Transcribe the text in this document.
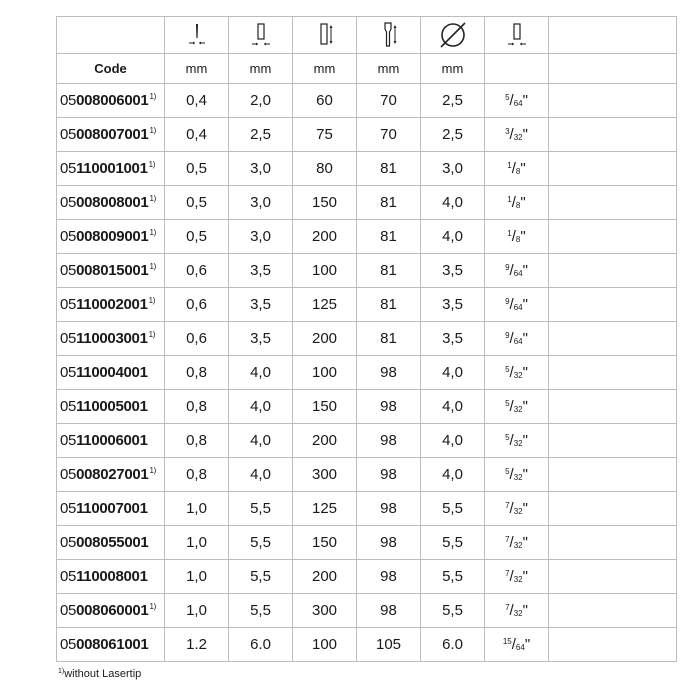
Code	mm	mm	mm	mm	mm		
05008006001$^{1)}$	0,4	2,0	60	70	2,5	$^5/_{64}$"	
05008007001$^{1)}$	0,4	2,5	75	70	2,5	$^3/_{32}$"	
05110001001$^{1)}$	0,5	3,0	80	81	3,0	$^1/_8$"	
05008008001$^{1)}$	0,5	3,0	150	81	4,0	$^1/_8$"	
05008009001$^{1)}$	0,5	3,0	200	81	4,0	$^1/_8$"	
05008015001$^{1)}$	0,6	3,5	100	81	3,5	$^9/_{64}$"	
05110002001$^{1)}$	0,6	3,5	125	81	3,5	$^9/_{64}$"	
05110003001$^{1)}$	0,6	3,5	200	81	3,5	$^9/_{64}$"	
05110004001	0,8	4,0	100	98	4,0	$^5/_{32}$"	
05110005001	0,8	4,0	150	98	4,0	$^5/_{32}$"	
05110006001	0,8	4,0	200	98	4,0	$^5/_{32}$"	
05008027001$^{1)}$	0,8	4,0	300	98	4,0	$^5/_{32}$"	
05110007001	1,0	5,5	125	98	5,5	$^7/_{32}$"	
05008055001	1,0	5,5	150	98	5,5	$^7/_{32}$"	
05110008001	1,0	5,5	200	98	5,5	$^7/_{32}$"	
05008060001$^{1)}$	1,0	5,5	300	98	5,5	$^7/_{32}$"	
05008061001	1.2	6.0	100	105	6.0	$^{15}/_{64}$"	
$^{1)}$without Lasertip
